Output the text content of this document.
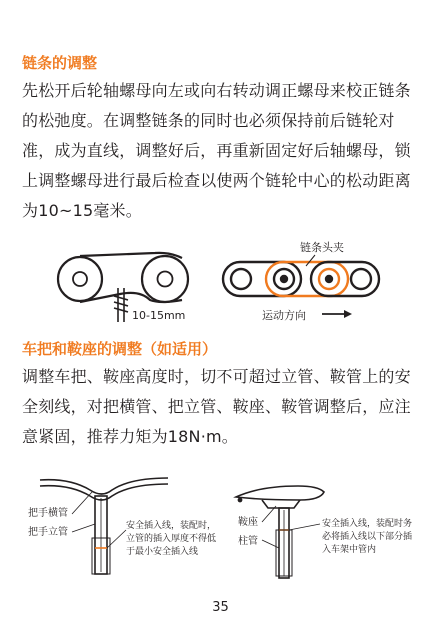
链条的调整

先松开后轮轴螺母向左或向右转动调正螺母来校正链条的松弛度。在调整链条的同时也必须保持前后链轮对准，成为直线，调整好后，再重新固定好后轴螺母，锁上调整螺母进行最后检查以使两个链轮中心的松动距离为10~15毫米。

10-15mm
链条头夹
运动方向
车把和鞍座的调整（如适用）

调整车把、鞍座高度时，切不可超过立管、鞍管上的安全刻线，对把横管、把立管、鞍座、鞍管调整后，应注意紧固，推荐力矩为18N·m。

把手横管
把手立管
安全插入线，装配时，立管的插入厚度不得低于最小安全插入线
鞍座
柱管
安全插入线，装配时务必将插入线以下部分插入车架中管内
35
